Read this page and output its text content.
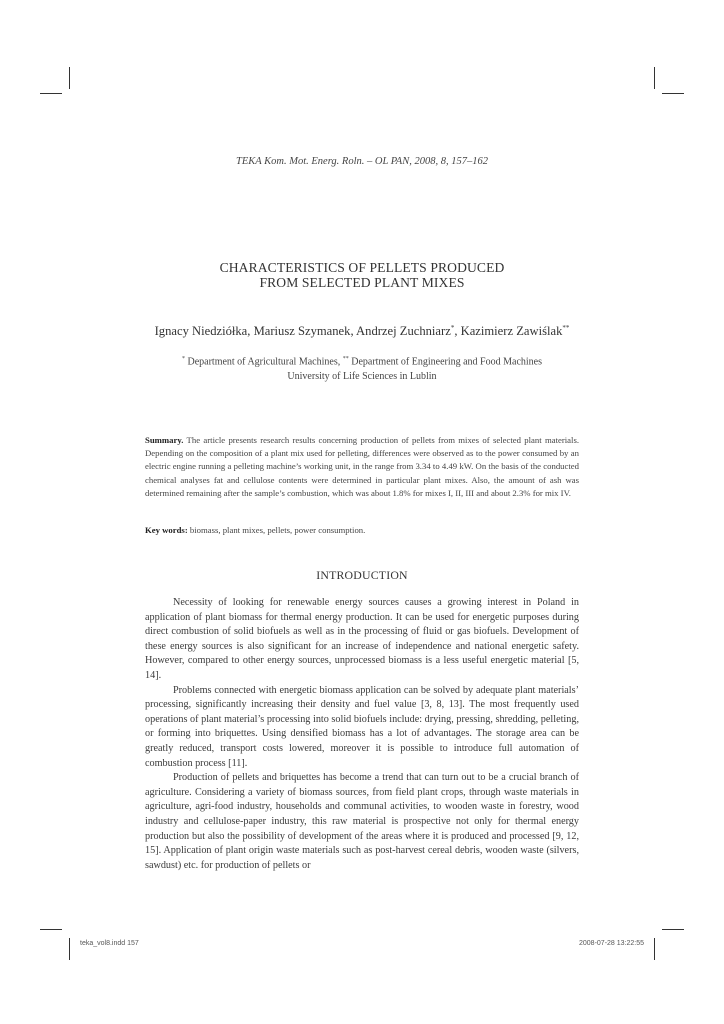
TEKA Kom. Mot. Energ. Roln. – OL PAN, 2008, 8, 157–162
CHARACTERISTICS OF PELLETS PRODUCED
FROM SELECTED PLANT MIXES
Ignacy Niedziółka, Mariusz Szymanek, Andrzej Zuchniarz*, Kazimierz Zawiślak**
* Department of Agricultural Machines, ** Department of Engineering and Food Machines
University of Life Sciences in Lublin
Summary. The article presents research results concerning production of pellets from mixes of selected plant materials. Depending on the composition of a plant mix used for pelleting, differences were observed as to the power consumed by an electric engine running a pelleting machine’s working unit, in the range from 3.34 to 4.49 kW. On the basis of the conducted chemical analyses fat and cellulose contents were determined in particular plant mixes. Also, the amount of ash was determined remaining after the sample’s combustion, which was about 1.8% for mixes I, II, III and about 2.3% for mix IV.
Key words: biomass, plant mixes, pellets, power consumption.
INTRODUCTION

Necessity of looking for renewable energy sources causes a growing interest in Poland in application of plant biomass for thermal energy production. It can be used for energetic purposes during direct combustion of solid biofuels as well as in the processing of fluid or gas biofuels. Development of these energy sources is also significant for an increase of independence and national energetic safety. However, compared to other energy sources, unprocessed biomass is a less useful energetic material [5, 14].

Problems connected with energetic biomass application can be solved by adequate plant materials’ processing, significantly increasing their density and fuel value [3, 8, 13]. The most frequently used operations of plant material’s processing into solid biofuels include: drying, pressing, shredding, pelleting, or forming into briquettes. Using densified biomass has a lot of advantages. The storage area can be greatly reduced, transport costs lowered, moreover it is possible to introduce full automation of combustion process [11].

Production of pellets and briquettes has become a trend that can turn out to be a crucial branch of agriculture. Considering a variety of biomass sources, from field plant crops, through waste materials in agriculture, agri-food industry, households and communal activities, to wooden waste in forestry, wood industry and cellulose-paper industry, this raw material is prospective not only for thermal energy production but also the possibility of development of the areas where it is produced and processed [9, 12, 15]. Application of plant origin waste materials such as post-harvest cereal debris, wooden waste (silvers, sawdust) etc. for production of pellets or

teka_vol8.indd 157	2008-07-28 13:22:55
